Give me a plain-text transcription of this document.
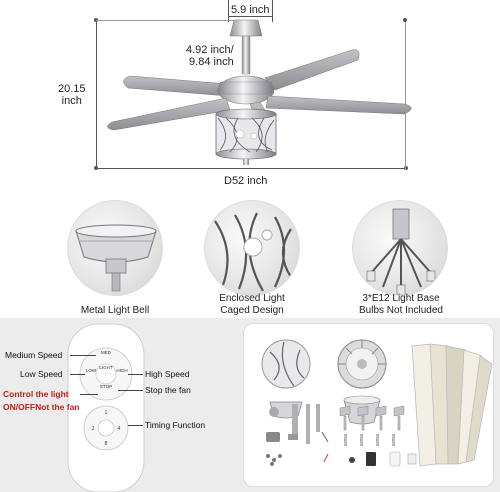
5.9 inch
20.15
inch
4.92 inch/
9.84 inch
D52 inch
Metal Light Bell
Enclosed Light
Caged Design
3*E12 Light Base
Bulbs Not Included
1
2	4
8
MED
LOW	HIGH
LIGHT
STOP
Medium Speed
Low Speed
Control the light
ON/OFFNot the fan
High Speed
Stop the fan
Timing Function
